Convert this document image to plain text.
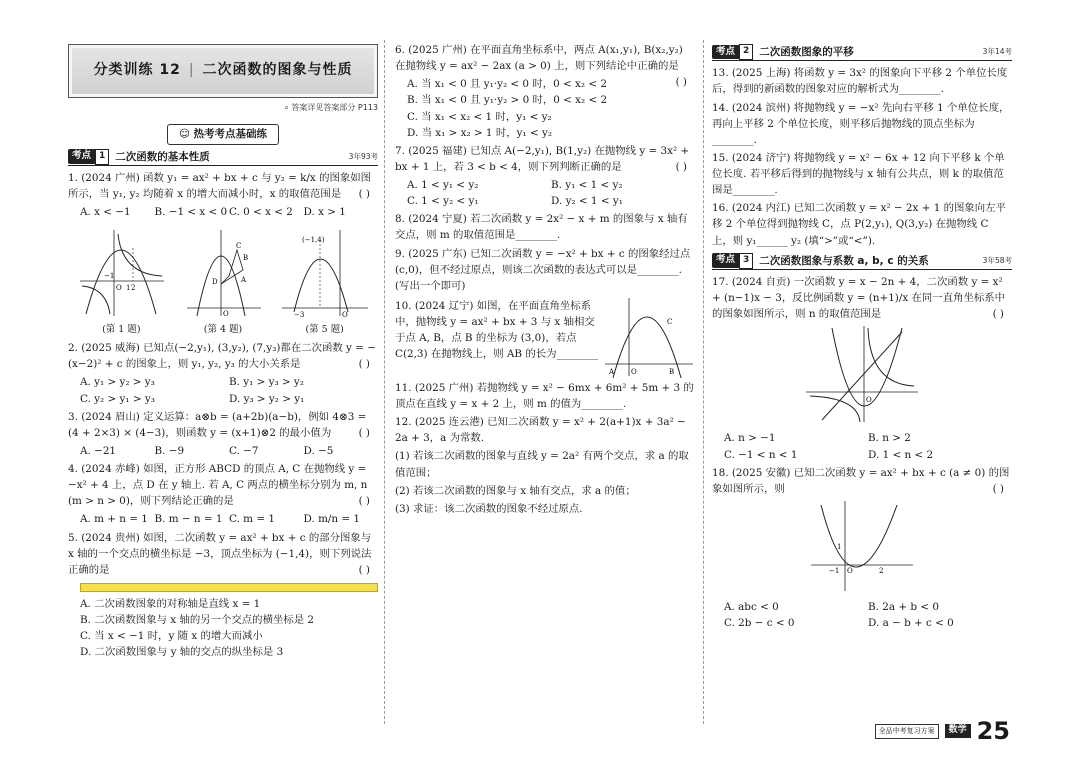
分类训练 12 | 二次函数的图象与性质
⌕ 答案详见答案部分 P113
☺ 热考考点基础练
考点 1 二次函数的基本性质	3年93考

1. (2024 广州) 函数 y₁ = ax² + bx + c 与 y₂ = k/x 的图象如图所示，当 y₁, y₂ 均随着 x 的增大而减小时，x 的取值范围是 ( )

A. x < −1	B. −1 < x < 0 C. 0 < x < 2	D. x > 1
−1
O 2
1
(第 1 题)
B
C
D	A
O
(第 4 题)
(−1,4)
−3	O
(第 5 题)

2. (2025 威海) 已知点(−2,y₁), (3,y₂), (7,y₃)都在二次函数 y = −(x−2)² + c 的图象上，则 y₁, y₂, y₃ 的大小关系是	( )

A. y₁ > y₂ > y₃	B. y₁ > y₃ > y₂
C. y₂ > y₁ > y₃	D. y₃ > y₂ > y₁

3. (2024 眉山) 定义运算：a⊗b = (a+2b)(a−b)，例如 4⊗3 = (4 + 2×3) × (4−3)，则函数 y = (x+1)⊗2 的最小值为	( )

A. −21	B. −9	C. −7	D. −5

4. (2024 赤峰) 如图，正方形 ABCD 的顶点 A, C 在抛物线 y = −x² + 4 上，点 D 在 y 轴上. 若 A, C 两点的横坐标分别为 m, n (m > n > 0)，则下列结论正确的是	( )

A. m + n = 1 B. m − n = 1 C. m = 1	D. m/n = 1

5. (2024 贵州) 如图，二次函数 y = ax² + bx + c 的部分图象与 x 轴的一个交点的横坐标是 −3，顶点坐标为 (−1,4)，则下列说法正确的是	( )

A. 二次函数图象的对称轴是直线 x = 1
B. 二次函数图象与 x 轴的另一个交点的横坐标是 2
C. 当 x < −1 时，y 随 x 的增大而减小
D. 二次函数图象与 y 轴的交点的纵坐标是 3

6. (2025 广州) 在平面直角坐标系中，两点 A(x₁,y₁), B(x₂,y₂) 在抛物线 y = ax² − 2ax (a > 0) 上，则下列结论中正确的是
( )

A. 当 x₁ < 0 且 y₁·y₂ < 0 时，0 < x₂ < 2
B. 当 x₁ < 0 且 y₁·y₂ > 0 时，0 < x₂ < 2
C. 当 x₁ < x₂ < 1 时，y₁ < y₂
D. 当 x₁ > x₂ > 1 时，y₁ < y₂

7. (2025 福建) 已知点 A(−2,y₁), B(1,y₂) 在抛物线 y = 3x² + bx + 1 上，若 3 < b < 4，则下列判断正确的是	( )

A. 1 < y₁ < y₂	B. y₁ < 1 < y₂
C. 1 < y₂ < y₁	D. y₂ < 1 < y₁

8. (2024 宁夏) 若二次函数 y = 2x² − x + m 的图象与 x 轴有交点，则 m 的取值范围是________.

9. (2025 广东) 已知二次函数 y = −x² + bx + c 的图象经过点(c,0)，但不经过原点，则该二次函数的表达式可以是________. (写出一个即可)

10. (2024 辽宁) 如图，在平面直角坐标系中，抛物线 y = ax² + bx + 3 与 x 轴相交于点 A, B，点 B 的坐标为 (3,0)，若点 C(2,3) 在抛物线上，则 AB 的长为________

A O	B
C

11. (2025 广州) 若抛物线 y = x² − 6mx + 6m² + 5m + 3 的顶点在直线 y = x + 2 上，则 m 的值为________.

12. (2025 连云港) 已知二次函数 y = x² + 2(a+1)x + 3a² − 2a + 3，a 为常数.

(1) 若该二次函数的图象与直线 y = 2a² 有两个交点，求 a 的取值范围；

(2) 若该二次函数的图象与 x 轴有交点，求 a 的值；

(3) 求证：该二次函数的图象不经过原点.

考点 2 二次函数图象的平移	3年14考

13. (2025 上海) 将函数 y = 3x² 的图象向下平移 2 个单位长度后，得到的新函数的图象对应的解析式为________.

14. (2024 滨州) 将抛物线 y = −x² 先向右平移 1 个单位长度，再向上平移 2 个单位长度，则平移后抛物线的顶点坐标为________.

15. (2024 济宁) 将抛物线 y = x² − 6x + 12 向下平移 k 个单位长度. 若平移后得到的抛物线与 x 轴有公共点，则 k 的取值范围是________.

16. (2024 内江) 已知二次函数 y = x² − 2x + 1 的图象向左平移 2 个单位得到抛物线 C，点 P(2,y₁), Q(3,y₂) 在抛物线 C 上，则 y₁______ y₂ (填“>”或“<”).

考点 3 二次函数图象与系数 a, b, c 的关系	3年58考

17. (2024 自贡) 一次函数 y = x − 2n + 4，二次函数 y = x² + (n−1)x − 3，反比例函数 y = (n+1)/x 在同一直角坐标系中的图象如图所示，则 n 的取值范围是	( )

O
A. n > −1	B. n > 2
C. −1 < n < 1	D. 1 < n < 2

18. (2025 安徽) 已知二次函数 y = ax² + bx + c (a ≠ 0) 的图象如图所示，则	( )

1
−1 O	2
A. abc < 0	B. 2a + b < 0
C. 2b − c < 0	D. a − b + c < 0
全品中考复习方案	数学 25
